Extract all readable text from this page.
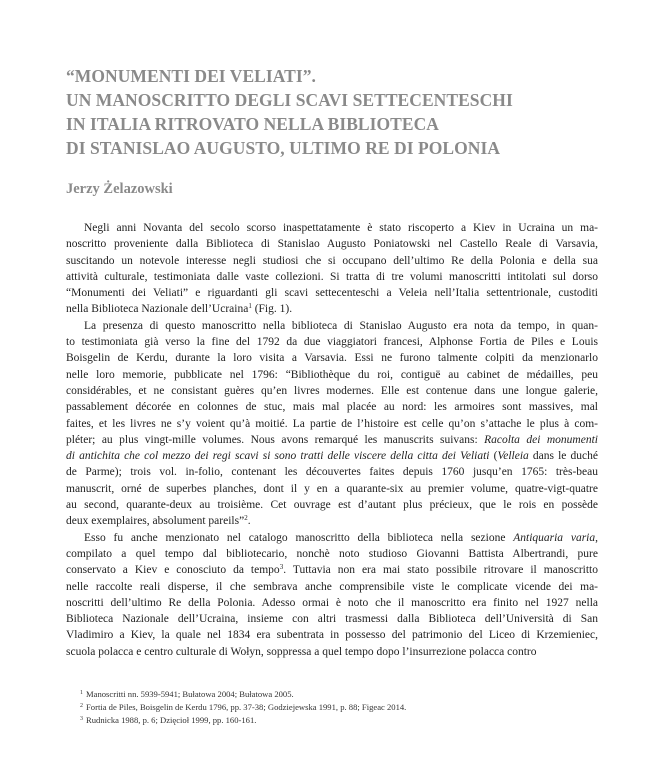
“MONUMENTI DEI VELIATI”.
UN MANOSCRITTO DEGLI SCAVI SETTECENTESCHI
IN ITALIA RITROVATO NELLA BIBLIOTECA
DI STANISLAO AUGUSTO, ULTIMO RE DI POLONIA
Jerzy Żelazowski

Negli anni Novanta del secolo scorso inaspettatamente è stato riscoperto a Kiev in Ucraina un ma-
noscritto proveniente dalla Biblioteca di Stanislao Augusto Poniatowski nel Castello Reale di Varsavia,
suscitando un notevole interesse negli studiosi che si occupano dell’ultimo Re della Polonia e della sua
attività culturale, testimoniata dalle vaste collezioni. Si tratta di tre volumi manoscritti intitolati sul dorso
“Monumenti dei Veliati” e riguardanti gli scavi settecenteschi a Veleia nell’Italia settentrionale, custoditi
nella Biblioteca Nazionale dell’Ucraina$^1$ (Fig. 1).

La presenza di questo manoscritto nella biblioteca di Stanislao Augusto era nota da tempo, in quan-
to testimoniata già verso la fine del 1792 da due viaggiatori francesi, Alphonse Fortia de Piles e Louis
Boisgelin de Kerdu, durante la loro visita a Varsavia. Essi ne furono talmente colpiti da menzionarlo
nelle loro memorie, pubblicate nel 1796: “Bibliothèque du roi, contiguë au cabinet de médailles, peu
considérables, et ne consistant guères qu’en livres modernes. Elle est contenue dans une longue galerie,
passablement décorée en colonnes de stuc, mais mal placée au nord: les armoires sont massives, mal
faites, et les livres ne s’y voient qu’à moitié. La partie de l’histoire est celle qu’on s’attache le plus à com-
pléter; au plus vingt-mille volumes. Nous avons remarqué les manuscrits suivans: Racolta dei monumenti
di antichita che col mezzo dei regi scavi si sono tratti delle viscere della citta dei Veliati (Velleia dans le duché
de Parme); trois vol. in-folio, contenant les découvertes faites depuis 1760 jusqu’en 1765: très-beau
manuscrit, orné de superbes planches, dont il y en a quarante-six au premier volume, quatre-vigt-quatre
au second, quarante-deux au troisième. Cet ouvrage est d’autant plus précieux, que le rois en possède
deux exemplaires, absolument pareils”$^2$.

Esso fu anche menzionato nel catalogo manoscritto della biblioteca nella sezione Antiquaria varia,
compilato a quel tempo dal bibliotecario, nonchè noto studioso Giovanni Battista Albertrandi, pure
conservato a Kiev e conosciuto da tempo$^3$. Tuttavia non era mai stato possibile ritrovare il manoscritto
nelle raccolte reali disperse, il che sembrava anche comprensibile viste le complicate vicende dei ma-
noscritti dell’ultimo Re della Polonia. Adesso ormai è noto che il manoscritto era finito nel 1927 nella
Biblioteca Nazionale dell’Ucraina, insieme con altri trasmessi dalla Biblioteca dell’Università di San
Vladimiro a Kiev, la quale nel 1834 era subentrata in possesso del patrimonio del Liceo di Krzemieniec,
scuola polacca e centro culturale di Wołyn, soppressa a quel tempo dopo l’insurrezione polacca contro

$^1$ Manoscritti nn. 5939-5941; Bułatowa 2004; Bułatowa 2005.
$^2$ Fortia de Piles, Boisgelin de Kerdu 1796, pp. 37-38; Godziejewska 1991, p. 88; Figeac 2014.
$^3$ Rudnicka 1988, p. 6; Dzięcioł 1999, pp. 160-161.
